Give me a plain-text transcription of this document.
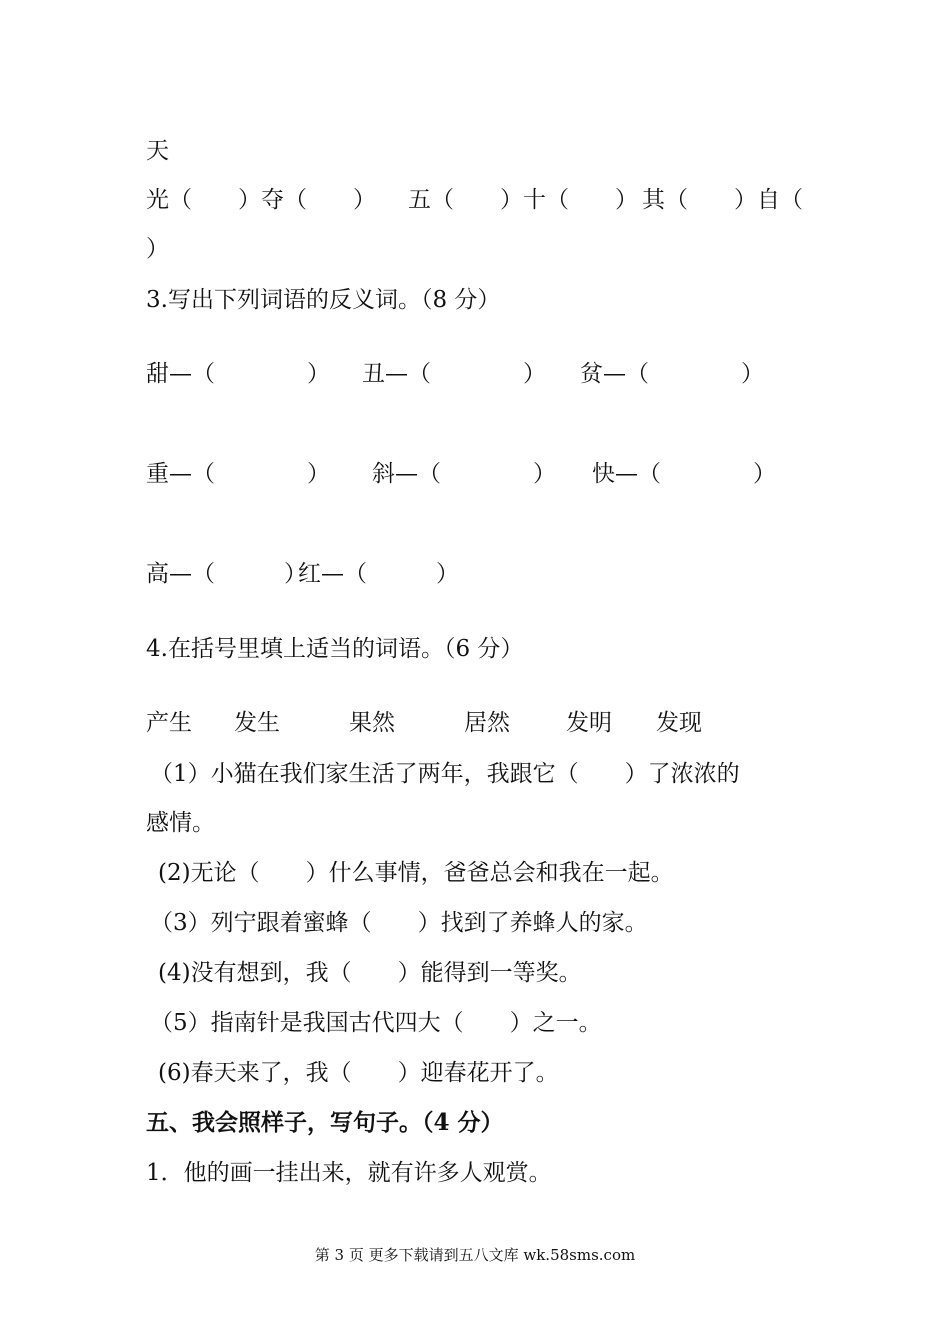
天

光（　　）夺（　　）

五（　　）十（　　）

其（　　）自（

）
3.写出下列词语的反义词。（8 分）

甜—（　　　　）

丑—（　　　　）

贫—（　　　　）

重—（　　　　）

斜—（　　　　）

快—（　　　　）

高—（　　　）

红—（　　　）

4.在括号里填上适当的词语。（6 分）

产生

发生

	果然

	居然

发明

发现

（1）小猫在我们家生活了两年，我跟它（　　）了浓浓的
感情。
(2)无论（　　）什么事情，爸爸总会和我在一起。
（3）列宁跟着蜜蜂（　　）找到了养蜂人的家。
(4)没有想到，我（　　）能得到一等奖。
（5）指南针是我国古代四大（　　）之一。
(6)春天来了，我（　　）迎春花开了。
五、我会照样子，写句子。（4 分）
1．他的画一挂出来，就有许多人观赏。
第 3 页 更多下载请到五八文库 wk.58sms.com
